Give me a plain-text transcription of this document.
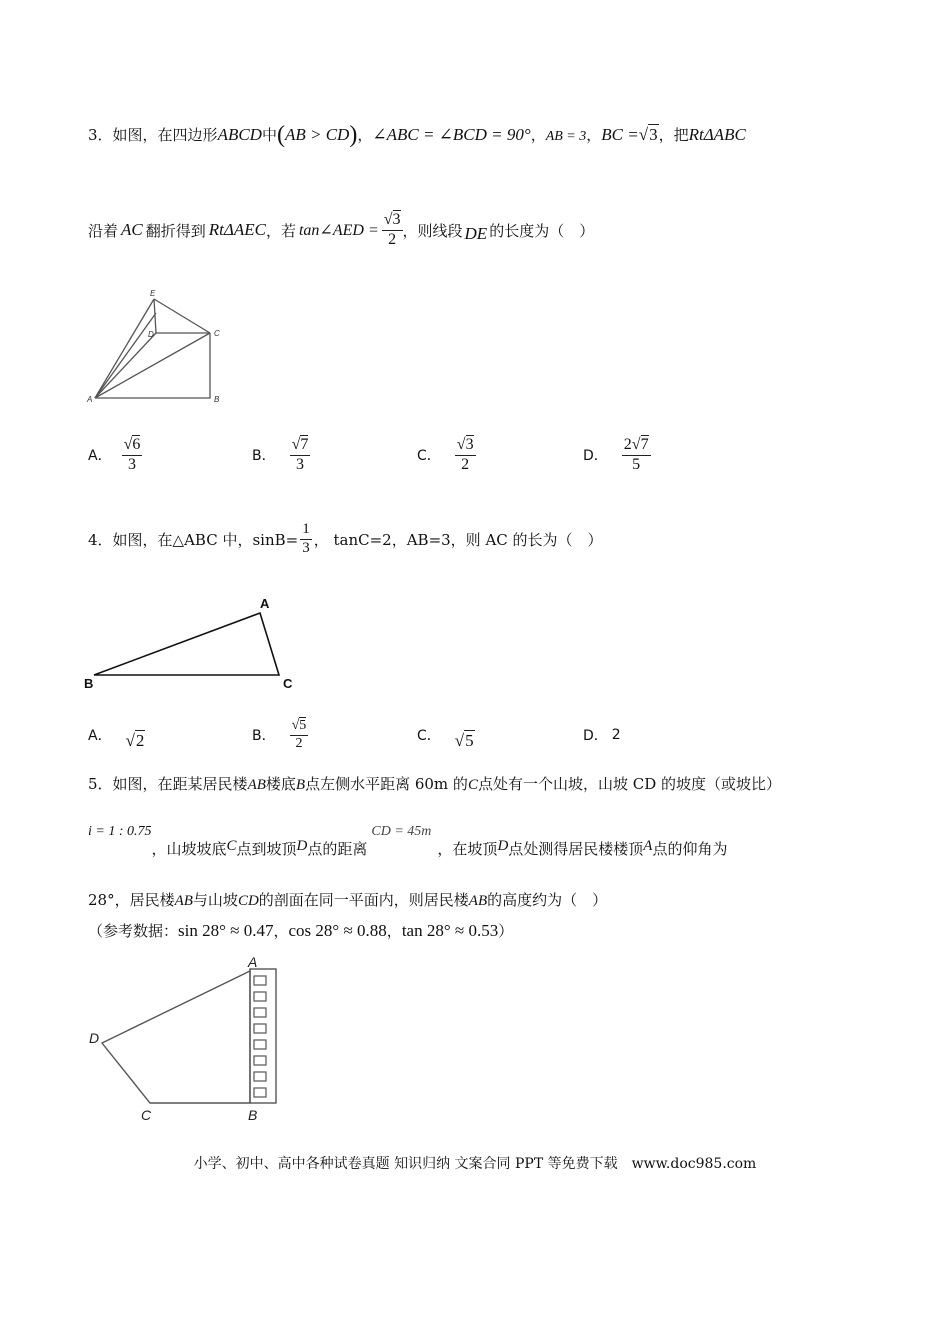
3．如图，在四边形ABCD中(AB > CD)，∠ABC = ∠BCD = 90°，AB = 3，BC =√3，把RtΔABC
沿着 AC 翻折得到 RtΔAEC ，若 tan∠AED = $\frac{√3}{2}$ ，则线段 DE 的长度为（　）
E
D	C
A	B
A． $\frac{√6}{3}$	B． $\frac{√7}{3}$	C． $\frac{√3}{2}$	D． $\frac{2√7}{5}$
4． 如图，在△ABC 中，$\sin B= \frac{1}{3}$ ， tanC=2，AB=3，则 AC 的长为（　）
A
B	C
A． √2	B． $\frac{√5}{2}$	C． √5	D． 2
5．如图，在距某居民楼AB楼底B点左侧水平距离 60m 的C点处有一个山坡，山坡 CD 的坡度（或坡比）
i = 1 : 0.75
，山坡坡底 C 点到坡顶 D 点的距离
CD = 45m
，在坡顶 D 点处测得居民楼楼顶 A 点的仰角为
28°，居民楼AB与山坡CD的剖面在同一平面内，则居民楼AB的高度约为（　）
（参考数据：sin 28° ≈ 0.47，cos 28° ≈ 0.88，tan 28° ≈ 0.53）
A
D
C	B
小学、初中、高中各种试卷真题 知识归纳 文案合同 PPT 等免费下载　www.doc985.com
